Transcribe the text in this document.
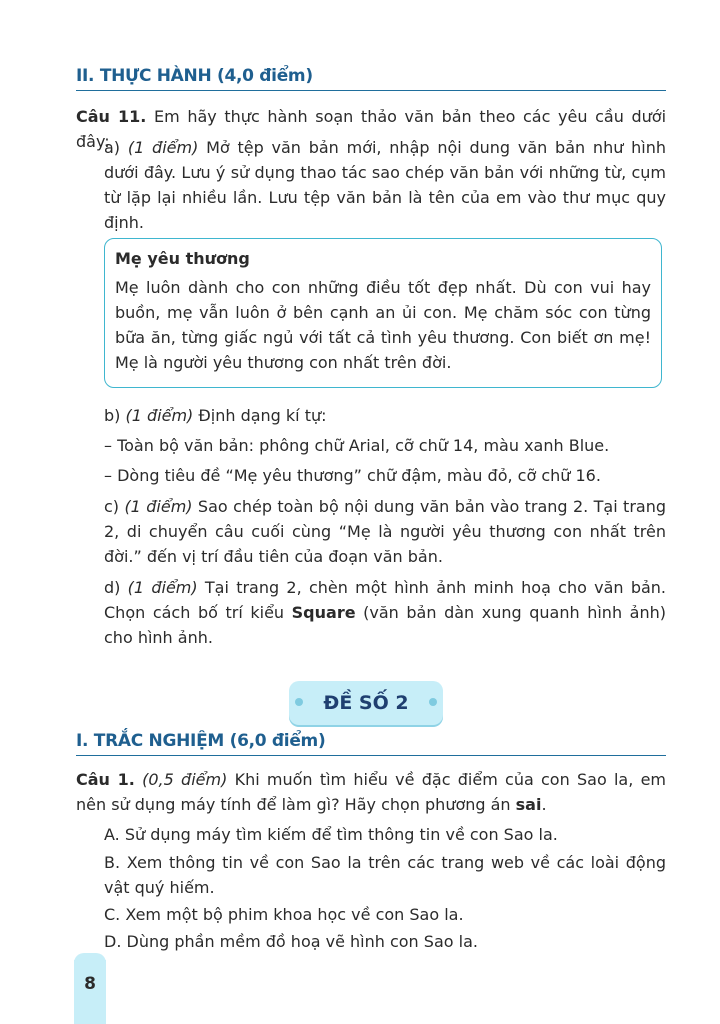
II. THỰC HÀNH (4,0 điểm)

Câu 11. Em hãy thực hành soạn thảo văn bản theo các yêu cầu dưới đây:

a) (1 điểm) Mở tệp văn bản mới, nhập nội dung văn bản như hình dưới đây. Lưu ý sử dụng thao tác sao chép văn bản với những từ, cụm từ lặp lại nhiều lần. Lưu tệp văn bản là tên của em vào thư mục quy định.

Mẹ yêu thương
Mẹ luôn dành cho con những điều tốt đẹp nhất. Dù con vui hay buồn, mẹ vẫn luôn ở bên cạnh an ủi con. Mẹ chăm sóc con từng bữa ăn, từng giấc ngủ với tất cả tình yêu thương. Con biết ơn mẹ! Mẹ là người yêu thương con nhất trên đời.

b) (1 điểm) Định dạng kí tự:

– Toàn bộ văn bản: phông chữ Arial, cỡ chữ 14, màu xanh Blue.

– Dòng tiêu đề “Mẹ yêu thương” chữ đậm, màu đỏ, cỡ chữ 16.

c) (1 điểm) Sao chép toàn bộ nội dung văn bản vào trang 2. Tại trang 2, di chuyển câu cuối cùng “Mẹ là người yêu thương con nhất trên đời.” đến vị trí đầu tiên của đoạn văn bản.

d) (1 điểm) Tại trang 2, chèn một hình ảnh minh hoạ cho văn bản. Chọn cách bố trí kiểu Square (văn bản dàn xung quanh hình ảnh) cho hình ảnh.

ĐỀ SỐ 2
I. TRẮC NGHIỆM (6,0 điểm)

Câu 1. (0,5 điểm) Khi muốn tìm hiểu về đặc điểm của con Sao la, em nên sử dụng máy tính để làm gì? Hãy chọn phương án sai.

A. Sử dụng máy tìm kiếm để tìm thông tin về con Sao la.

B. Xem thông tin về con Sao la trên các trang web về các loài động vật quý hiếm.

C. Xem một bộ phim khoa học về con Sao la.

D. Dùng phần mềm đồ hoạ vẽ hình con Sao la.

8
